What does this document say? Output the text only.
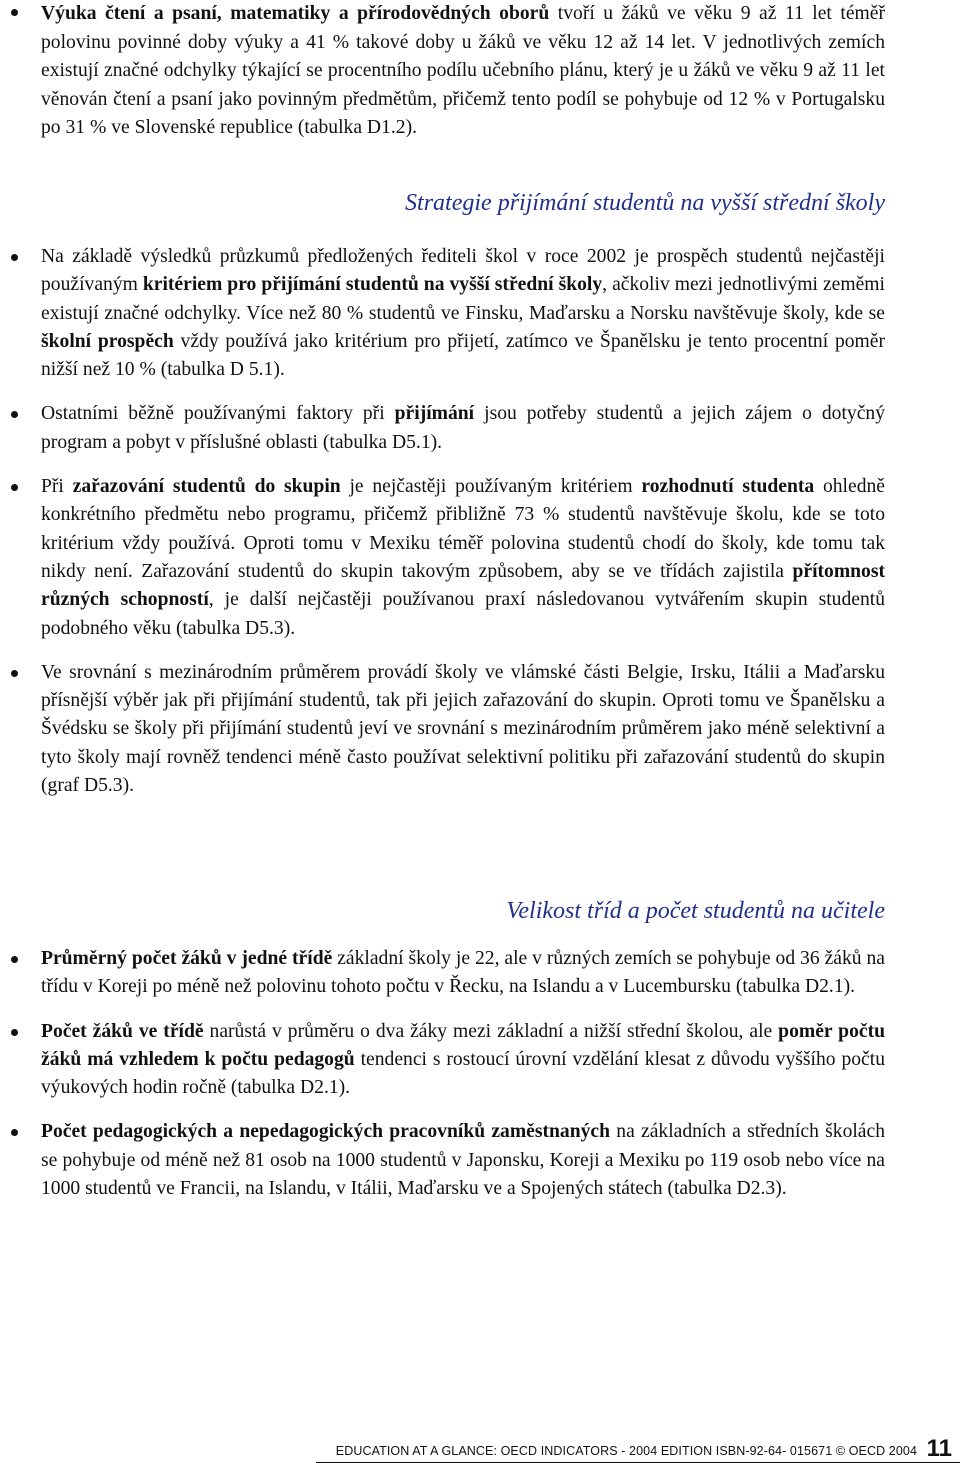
Výuka čtení a psaní, matematiky a přírodovědných oborů tvoří u žáků ve věku 9 až 11 let téměř polovinu povinné doby výuky a 41 % takové doby u žáků ve věku 12 až 14 let. V jednotlivých zemích existují značné odchylky týkající se procentního podílu učebního plánu, který je u žáků ve věku 9 až 11 let věnován čtení a psaní jako povinným předmětům, přičemž tento podíl se pohybuje od 12 % v Portugalsku po 31 % ve Slovenské republice (tabulka D1.2).

Strategie přijímání studentů na vyšší střední školy

Na základě výsledků průzkumů předložených řediteli škol v roce 2002 je prospěch studentů nejčastěji používaným kritériem pro přijímání studentů na vyšší střední školy, ačkoliv mezi jednotlivými zeměmi existují značné odchylky. Více než 80 % studentů ve Finsku, Maďarsku a Norsku navštěvuje školy, kde se školní prospěch vždy používá jako kritérium pro přijetí, zatímco ve Španělsku je tento procentní poměr nižší než 10 % (tabulka D 5.1).
Ostatními běžně používanými faktory při přijímání jsou potřeby studentů a jejich zájem o dotyčný program a pobyt v příslušné oblasti (tabulka D5.1).
Při zařazování studentů do skupin je nejčastěji používaným kritériem rozhodnutí studenta ohledně konkrétního předmětu nebo programu, přičemž přibližně 73 % studentů navštěvuje školu, kde se toto kritérium vždy používá. Oproti tomu v Mexiku téměř polovina studentů chodí do školy, kde tomu tak nikdy není. Zařazování studentů do skupin takovým způsobem, aby se ve třídách zajistila přítomnost různých schopností, je další nejčastěji používanou praxí následovanou vytvářením skupin studentů podobného věku (tabulka D5.3).
Ve srovnání s mezinárodním průměrem provádí školy ve vlámské části Belgie, Irsku, Itálii a Maďarsku přísnější výběr jak při přijímání studentů, tak při jejich zařazování do skupin. Oproti tomu ve Španělsku a Švédsku se školy při přijímání studentů jeví ve srovnání s mezinárodním průměrem jako méně selektivní a tyto školy mají rovněž tendenci méně často používat selektivní politiku při zařazování studentů do skupin (graf D5.3).

Velikost tříd a počet studentů na učitele

Průměrný počet žáků v jedné třídě základní školy je 22, ale v různých zemích se pohybuje od 36 žáků na třídu v Koreji po méně než polovinu tohoto počtu v Řecku, na Islandu a v Lucembursku (tabulka D2.1).
Počet žáků ve třídě narůstá v průměru o dva žáky mezi základní a nižší střední školou, ale poměr počtu žáků má vzhledem k počtu pedagogů tendenci s rostoucí úrovní vzdělání klesat z důvodu vyššího počtu výukových hodin ročně (tabulka D2.1).
Počet pedagogických a nepedagogických pracovníků zaměstnaných na základních a středních školách se pohybuje od méně než 81 osob na 1000 studentů v Japonsku, Koreji a Mexiku po 119 osob nebo více na 1000 studentů ve Francii, na Islandu, v Itálii, Maďarsku ve a Spojených státech (tabulka D2.3).
EDUCATION AT A GLANCE: OECD INDICATORS - 2004 EDITION ISBN-92-64- 015671 © OECD 2004 11
